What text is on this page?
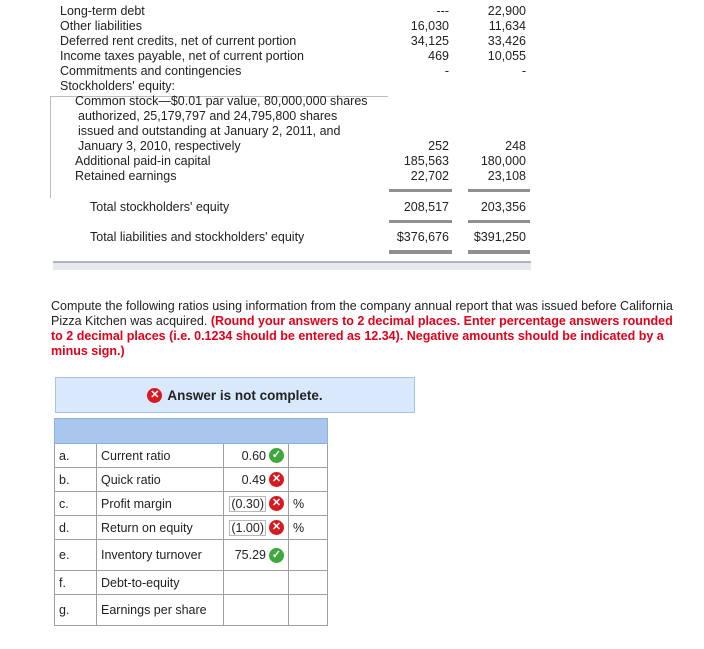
Long-term debt	---	22,900
Other liabilities	16,030	11,634
Deferred rent credits, net of current portion	34,125	33,426
Income taxes payable, net of current portion	469	10,055
Commitments and contingencies	-	-
Stockholders' equity:
Common stock—$0.01 par value, 80,000,000 shares
authorized, 25,179,797 and 24,795,800 shares
issued and outstanding at January 2, 2011, and
January 3, 2010, respectively	252	248
Additional paid-in capital	185,563	180,000
Retained earnings	22,702	23,108
Total stockholders' equity	208,517	203,356
Total liabilities and stockholders' equity	$376,676 $391,250
Compute the following ratios using information from the company annual report that was issued before California Pizza Kitchen was acquired. (Round your answers to 2 decimal places. Enter percentage answers rounded to 2 decimal places (i.e. 0.1234 should be entered as 12.34). Negative amounts should be indicated by a minus sign.)
✕ Answer is not complete.

a.	Current ratio	0.60 ✓	
b.	Quick ratio	0.49 ✕	
c.	Profit margin	(0.30) ✕	%
d.	Return on equity	(1.00) ✕	%
e.	Inventory turnover	75.29 ✓	
f.	Debt-to-equity		
g.	Earnings per share		
